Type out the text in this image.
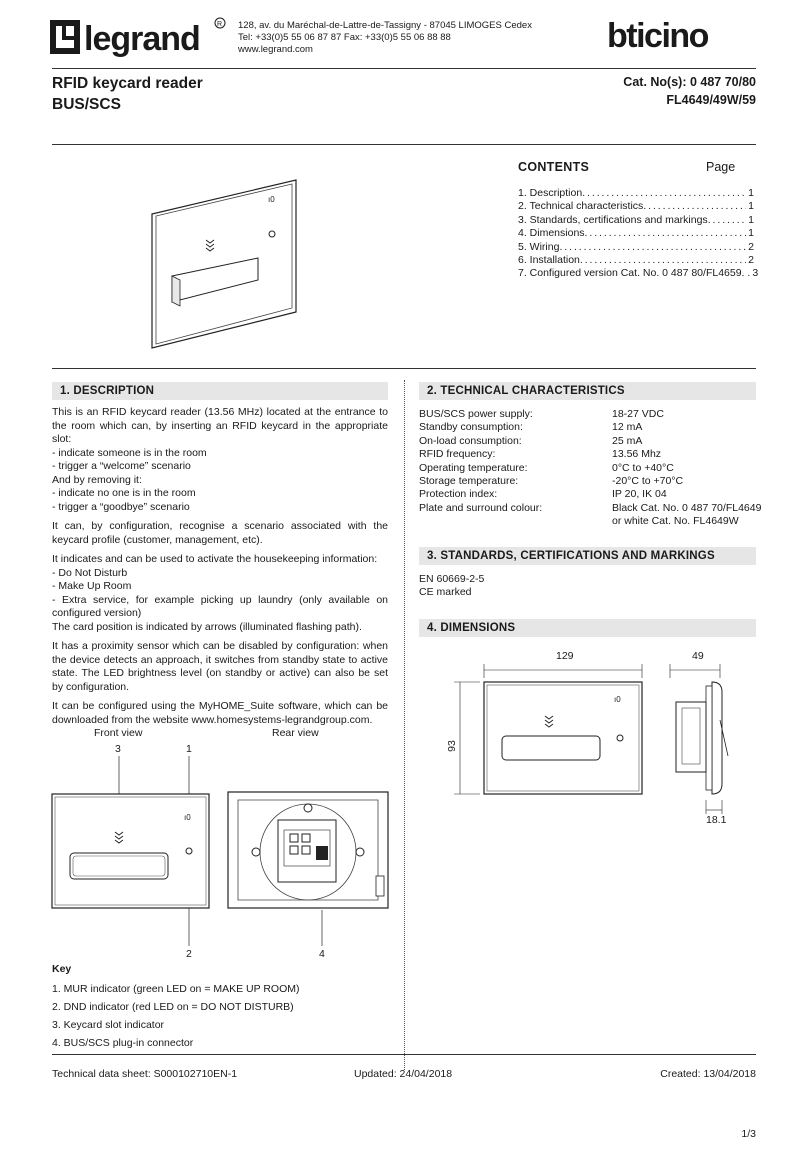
legrand R 128, av. du Maréchal-de-Lattre-de-Tassigny - 87045 LIMOGES Cedex
Tel: +33(0)5 55 06 87 87 Fax: +33(0)5 55 06 88 88
www.legrand.com	bticino
RFID keycard reader
BUS/SCS
Cat. No(s): 0 487 70/80
FL4649/49W/59
ı0
CONTENTS	Page
1. Description . . .	1
2. Technical characteristics . . .	1
3. Standards, certifications and markings . . .	1
4. Dimensions . . .	1
5. Wiring . . .	2
6. Installation . . .	2
7. Configured version Cat. No. 0 487 80/FL4659. . 3
1. DESCRIPTION

This is an RFID keycard reader (13.56 MHz) located at the entrance to the room which can, by inserting an RFID keycard in the appropriate slot:
- indicate someone is in the room
- trigger a “welcome” scenario
And by removing it:
- indicate no one is in the room
- trigger a “goodbye” scenario

It can, by configuration, recognise a scenario associated with the keycard profile (customer, management, etc).

It indicates and can be used to activate the housekeeping information:
- Do Not Disturb
- Make Up Room
- Extra service, for example picking up laundry (only available on configured version)
The card position is indicated by arrows (illuminated flashing path).

It has a proximity sensor which can be disabled by configuration: when the device detects an approach, it switches from standby state to active state. The LED brightness level (on standby or active) can also be set by configuration.

It can be configured using the MyHOME_Suite software, which can be downloaded from the website www.homesystems-legrandgroup.com.

Front view	Rear view
3	1
2	4
ı0
Key
1. MUR indicator (green LED on = MAKE UP ROOM)
2. DND indicator (red LED on = DO NOT DISTURB)
3. Keycard slot indicator
4. BUS/SCS plug-in connector
2. TECHNICAL CHARACTERISTICS
BUS/SCS power supply:	18-27 VDC
Standby consumption:	12 mA
On-load consumption:	25 mA
RFID frequency:	13.56 Mhz
Operating temperature:	0°C to +40°C
Storage temperature:	-20°C to +70°C
Protection index:	IP 20, IK 04
Plate and surround colour:	Black Cat. No. 0 487 70/FL4649
or white Cat. No. FL4649W
3. STANDARDS, CERTIFICATIONS AND MARKINGS
EN 60669-2-5
CE marked
4. DIMENSIONS
129	49
93
18.1
ı0
Technical data sheet: S000102710EN-1	Updated: 24/04/2018	Created: 13/04/2018
1/3
